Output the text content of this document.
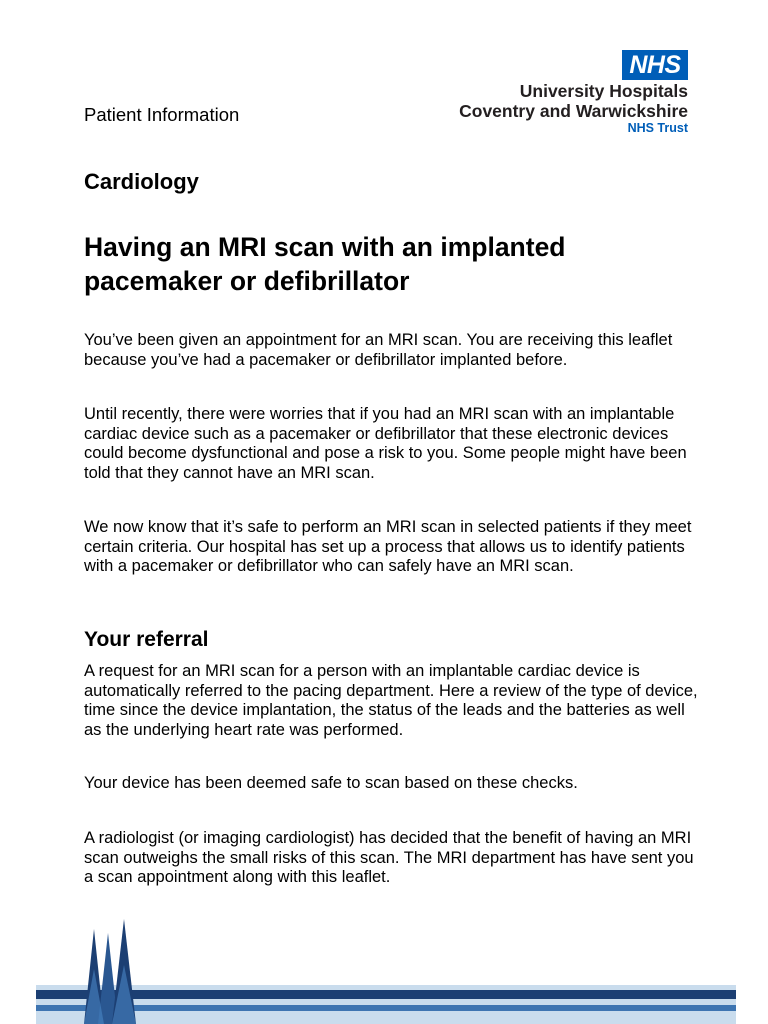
NHS
University Hospitals
Coventry and Warwickshire
NHS Trust
Patient Information
Cardiology
Having an MRI scan with an implanted pacemaker or defibrillator

You’ve been given an appointment for an MRI scan. You are receiving this leaflet because you’ve had a pacemaker or defibrillator implanted before.

Until recently, there were worries that if you had an MRI scan with an implantable cardiac device such as a pacemaker or defibrillator that these electronic devices could become dysfunctional and pose a risk to you. Some people might have been told that they cannot have an MRI scan.

We now know that it’s safe to perform an MRI scan in selected patients if they meet certain criteria. Our hospital has set up a process that allows us to identify patients with a pacemaker or defibrillator who can safely have an MRI scan.

Your referral

A request for an MRI scan for a person with an implantable cardiac device is automatically referred to the pacing department. Here a review of the type of device, time since the device implantation, the status of the leads and the batteries as well as the underlying heart rate was performed.

Your device has been deemed safe to scan based on these checks.

A radiologist (or imaging cardiologist) has decided that the benefit of having an MRI scan outweighs the small risks of this scan. The MRI department has have sent you a scan appointment along with this leaflet.
